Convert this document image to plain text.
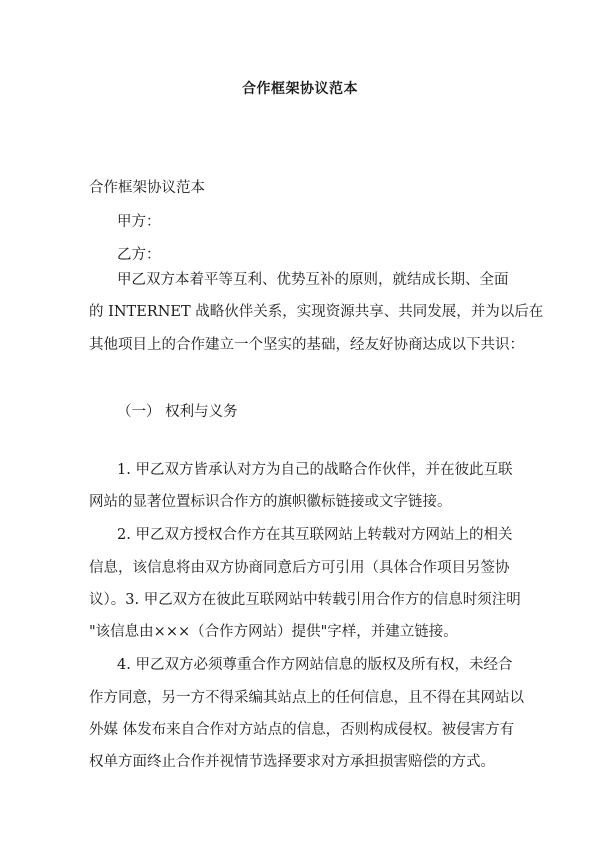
合作框架协议范本
合作框架协议范本
甲方：
乙方：
甲乙双方本着平等互利、优势互补的原则，就结成长期、全面
的 INTERNET 战略伙伴关系，实现资源共享、共同发展，并为以后在
其他项目上的合作建立一个坚实的基础，经友好协商达成以下共识：
（一） 权利与义务
1. 甲乙双方皆承认对方为自己的战略合作伙伴，并在彼此互联
网站的显著位置标识合作方的旗帜徽标链接或文字链接。
2. 甲乙双方授权合作方在其互联网站上转载对方网站上的相关
信息，该信息将由双方协商同意后方可引用（具体合作项目另签协
议）。3. 甲乙双方在彼此互联网站中转载引用合作方的信息时须注明
"该信息由×××（合作方网站）提供"字样，并建立链接。
4. 甲乙双方必须尊重合作方网站信息的版权及所有权，未经合
作方同意，另一方不得采编其站点上的任何信息，且不得在其网站以
外媒 体发布来自合作对方站点的信息，否则构成侵权。被侵害方有
权单方面终止合作并视情节选择要求对方承担损害赔偿的方式。
